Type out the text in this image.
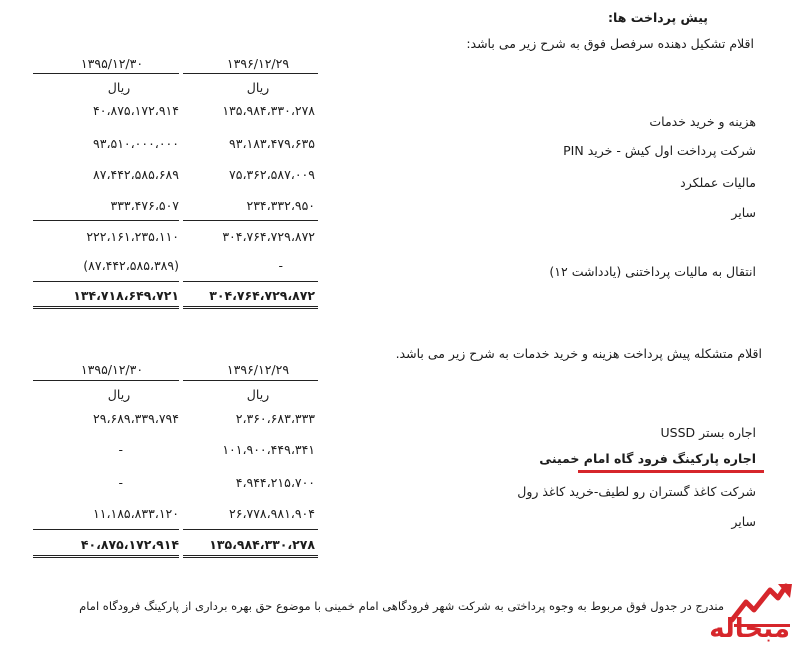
پیش پرداخت ها:
اقلام تشکیل دهنده سرفصل فوق به شرح زیر می باشد:
۱۳۹۶/۱۲/۲۹
۱۳۹۵/۱۲/۳۰
ریال
ریال
هزینه و خرید خدمات
۱۳۵،۹۸۴،۳۳۰،۲۷۸
۴۰،۸۷۵،۱۷۲،۹۱۴
شرکت پرداخت اول کیش - خرید PIN
۹۳،۱۸۳،۴۷۹،۶۳۵
۹۳،۵۱۰،۰۰۰،۰۰۰
مالیات عملکرد
۷۵،۳۶۲،۵۸۷،۰۰۹
۸۷،۴۴۲،۵۸۵،۶۸۹
سایر
۲۳۴،۳۳۲،۹۵۰
۳۳۳،۴۷۶،۵۰۷
۳۰۴،۷۶۴،۷۲۹،۸۷۲
۲۲۲،۱۶۱،۲۳۵،۱۱۰
انتقال به مالیات پرداختنی (یادداشت ۱۲)
-
(۸۷،۴۴۲،۵۸۵،۳۸۹)
۳۰۴،۷۶۴،۷۲۹،۸۷۲
۱۳۴،۷۱۸،۶۴۹،۷۲۱
اقلام متشکله پیش پرداخت هزینه و خرید خدمات به شرح زیر می باشد.
۱۳۹۶/۱۲/۲۹
۱۳۹۵/۱۲/۳۰
ریال
ریال
اجاره بستر USSD
۲،۳۶۰،۶۸۳،۳۳۳
۲۹،۶۸۹،۳۳۹،۷۹۴
اجاره پارکینگ فرود گاه امام خمینی
۱۰۱،۹۰۰،۴۴۹،۳۴۱
-
شرکت کاغذ گستران رو لطیف-خرید کاغذ رول
۴،۹۴۴،۲۱۵،۷۰۰
-
سایر
۲۶،۷۷۸،۹۸۱،۹۰۴
۱۱،۱۸۵،۸۳۳،۱۲۰
۱۳۵،۹۸۴،۳۳۰،۲۷۸
۴۰،۸۷۵،۱۷۲،۹۱۴
مندرج در جدول فوق مربوط به وجوه پرداختی به شرکت شهر فرودگاهی امام خمینی با موضوع حق بهره برداری از پارکینگ فرودگاه امام
مبحاله
